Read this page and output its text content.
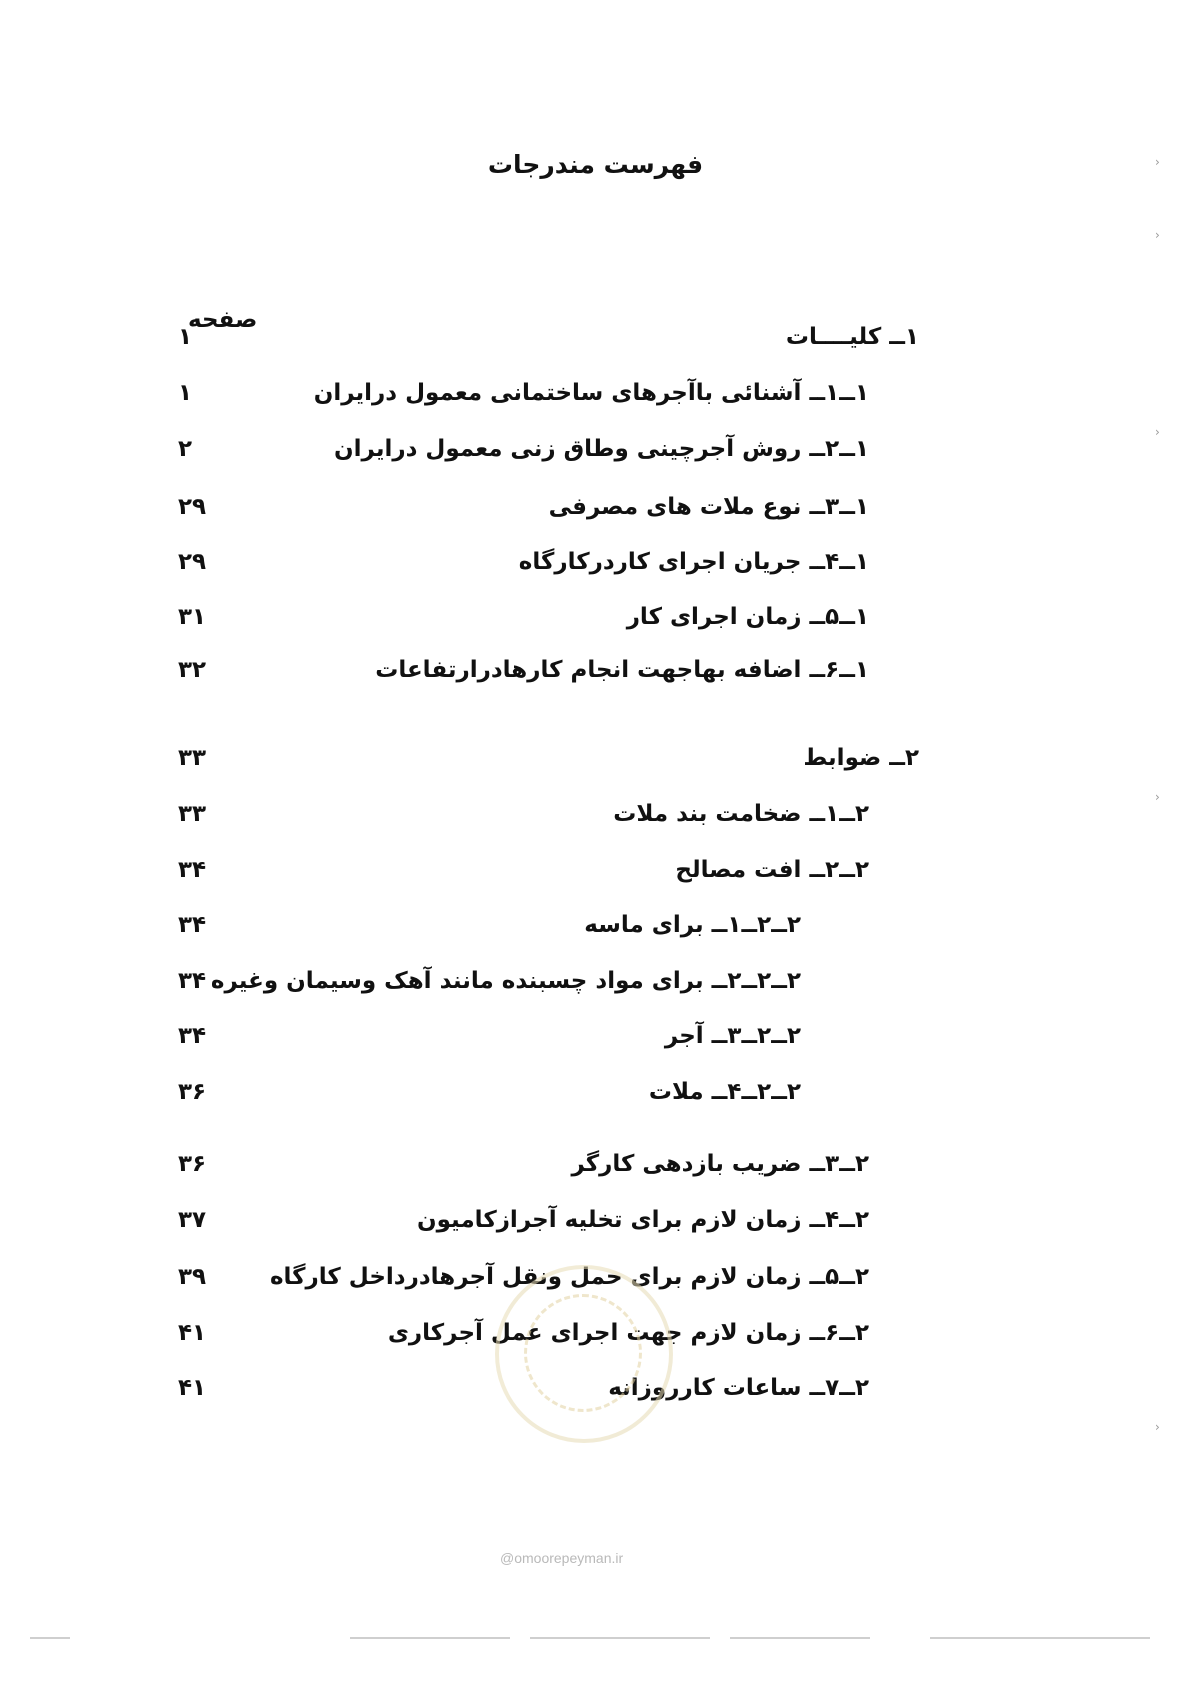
فهرست مندرجات
صفحه
۱ــ کلیــــات
۱
۱ــ۱ــ آشنائی باآجرهای ساختمانی معمول درایران
۱
۱ــ۲ــ روش آجرچینی وطاق زنی معمول درایران
۲
۱ــ۳ــ نوع ملات های مصرفی
۲۹
۱ــ۴ــ جریان اجرای کاردرکارگاه
۲۹
۱ــ۵ــ زمان اجرای کار
۳۱
۱ــ۶ــ اضافه بهاجهت انجام کارهادرارتفاعات
۳۲
۲ــ ضوابط
۳۳
۲ــ۱ــ ضخامت بند ملات
۳۳
۲ــ۲ــ افت مصالح
۳۴
۲ــ۲ــ۱ــ برای ماسه
۳۴
۲ــ۲ــ۲ــ برای مواد چسبنده مانند آهک وسیمان وغیره
۳۴
۲ــ۲ــ۳ــ آجر
۳۴
۲ــ۲ــ۴ــ ملات
۳۶
۲ــ۳ــ ضریب بازدهی کارگر
۳۶
۲ــ۴ــ زمان لازم برای تخلیه آجرازکامیون
۳۷
۲ــ۵ــ زمان لازم برای حمل ونقل آجرهادرداخل کارگاه
۳۹
۲ــ۶ــ زمان لازم جهت اجرای عمل آجرکاری
۴۱
۲ــ۷ــ ساعات کارروزانه
۴۱
@omoorepeyman.ir
›
›
›
›
›
